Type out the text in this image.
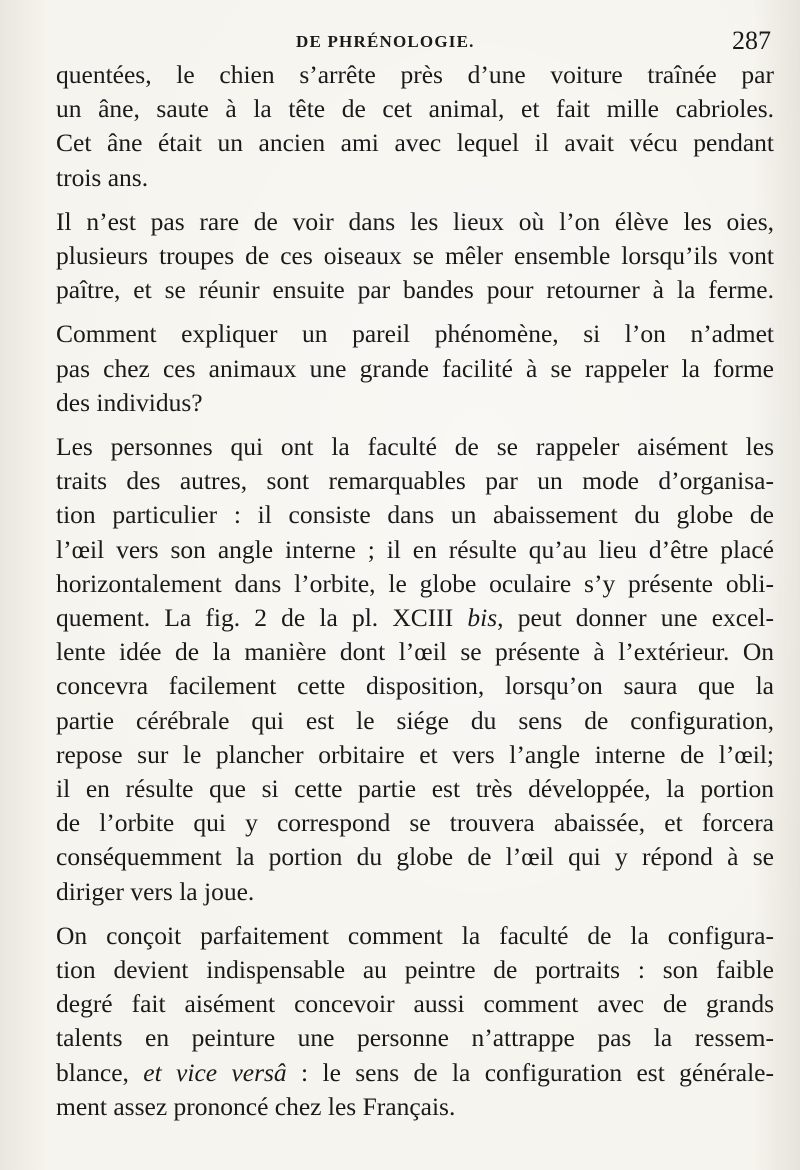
DE PHRÉNOLOGIE.	287

quentées, le chien s’arrête près d’une voiture traînée par
un âne, saute à la tête de cet animal, et fait mille cabrioles.
Cet âne était un ancien ami avec lequel il avait vécu pendant
trois ans.

Il n’est pas rare de voir dans les lieux où l’on élève les oies,
plusieurs troupes de ces oiseaux se mêler ensemble lorsqu’ils vont
paître, et se réunir ensuite par bandes pour retourner à la ferme.

Comment expliquer un pareil phénomène, si l’on n’admet
pas chez ces animaux une grande facilité à se rappeler la forme
des individus?

Les personnes qui ont la faculté de se rappeler aisément les
traits des autres, sont remarquables par un mode d’organisa-
tion particulier : il consiste dans un abaissement du globe de
l’œil vers son angle interne ; il en résulte qu’au lieu d’être placé
horizontalement dans l’orbite, le globe oculaire s’y présente obli-
quement. La fig. 2 de la pl. XCIII bis, peut donner une excel-
lente idée de la manière dont l’œil se présente à l’extérieur. On
concevra facilement cette disposition, lorsqu’on saura que la
partie cérébrale qui est le siége du sens de configuration,
repose sur le plancher orbitaire et vers l’angle interne de l’œil;
il en résulte que si cette partie est très développée, la portion
de l’orbite qui y correspond se trouvera abaissée, et forcera
conséquemment la portion du globe de l’œil qui y répond à se
diriger vers la joue.

On conçoit parfaitement comment la faculté de la configura-
tion devient indispensable au peintre de portraits : son faible
degré fait aisément concevoir aussi comment avec de grands
talents en peinture une personne n’attrappe pas la ressem-
blance, et vice versâ : le sens de la configuration est générale-
ment assez prononcé chez les Français.
